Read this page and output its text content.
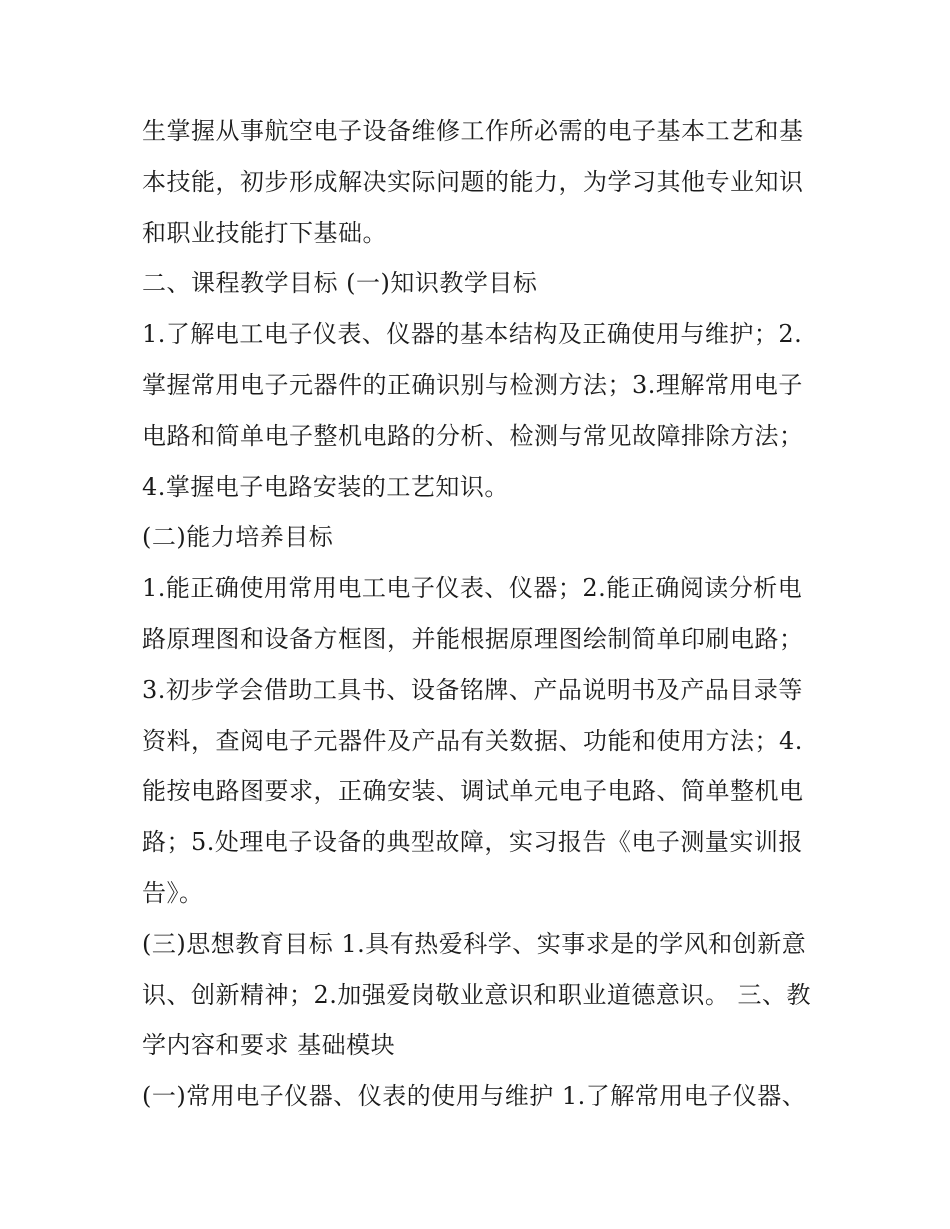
生掌握从事航空电子设备维修工作所必需的电子基本工艺和基
本技能，初步形成解决实际问题的能力，为学习其他专业知识
和职业技能打下基础。
二、课程教学目标 (一)知识教学目标
1.了解电工电子仪表、仪器的基本结构及正确使用与维护；2.
掌握常用电子元器件的正确识别与检测方法；3.理解常用电子
电路和简单电子整机电路的分析、检测与常见故障排除方法；
4.掌握电子电路安装的工艺知识。
(二)能力培养目标
1.能正确使用常用电工电子仪表、仪器；2.能正确阅读分析电
路原理图和设备方框图，并能根据原理图绘制简单印刷电路；
3.初步学会借助工具书、设备铭牌、产品说明书及产品目录等
资料，查阅电子元器件及产品有关数据、功能和使用方法；4.
能按电路图要求，正确安装、调试单元电子电路、简单整机电
路；5.处理电子设备的典型故障，实习报告《电子测量实训报
告》。
(三)思想教育目标 1.具有热爱科学、实事求是的学风和创新意
识、创新精神；2.加强爱岗敬业意识和职业道德意识。 三、教
学内容和要求 基础模块
(一)常用电子仪器、仪表的使用与维护 1.了解常用电子仪器、
